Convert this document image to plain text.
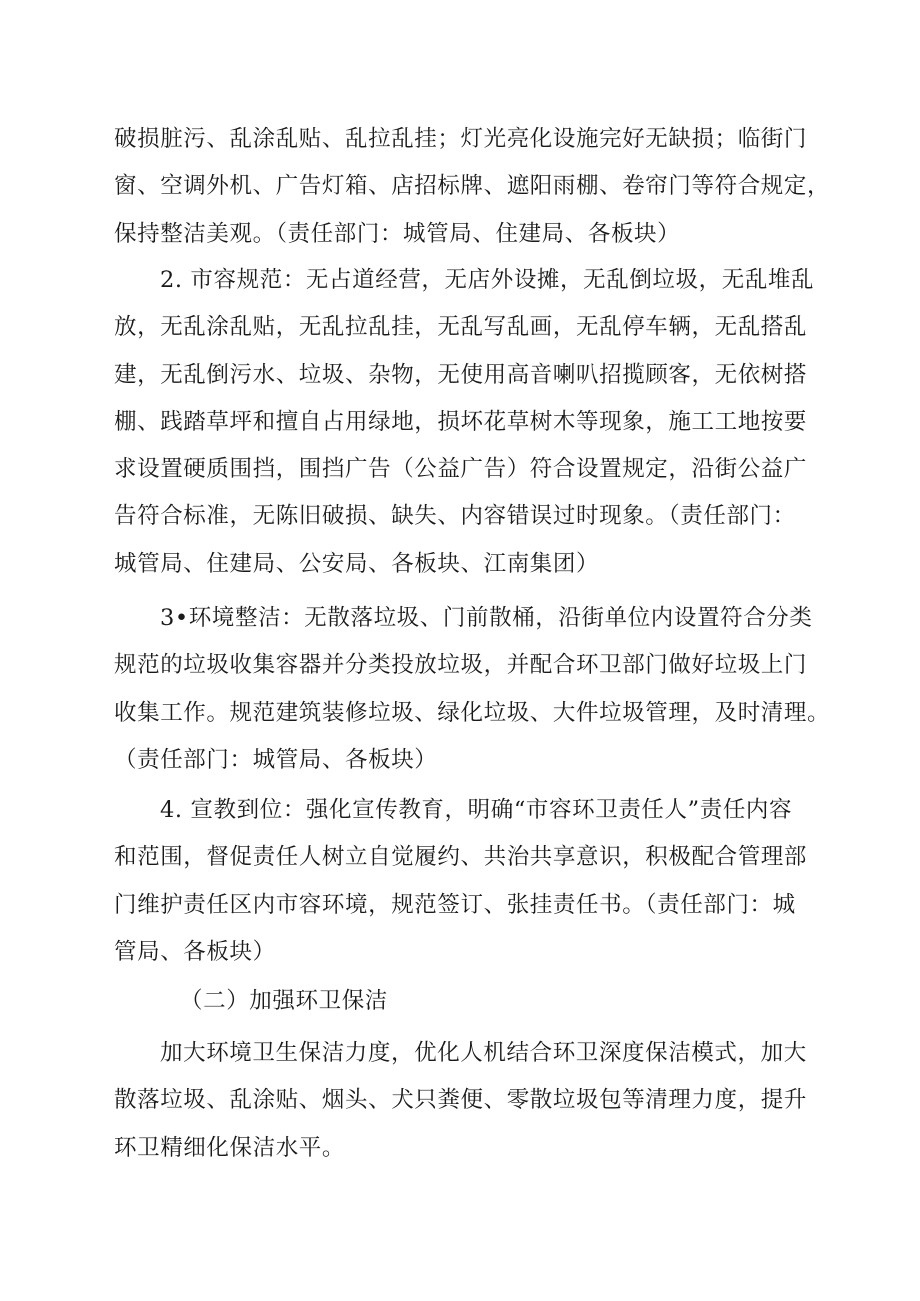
破损脏污、乱涂乱贴、乱拉乱挂；灯光亮化设施完好无缺损；临街门
窗、空调外机、广告灯箱、店招标牌、遮阳雨棚、卷帘门等符合规定，
保持整洁美观。（责任部门：城管局、住建局、各板块）

2. 市容规范：无占道经营，无店外设摊，无乱倒垃圾，无乱堆乱
放，无乱涂乱贴，无乱拉乱挂，无乱写乱画，无乱停车辆，无乱搭乱
建，无乱倒污水、垃圾、杂物，无使用高音喇叭招揽顾客，无依树搭
棚、践踏草坪和擅自占用绿地，损坏花草树木等现象，施工工地按要
求设置硬质围挡，围挡广告（公益广告）符合设置规定，沿街公益广
告符合标准，无陈旧破损、缺失、内容错误过时现象。（责任部门：
城管局、住建局、公安局、各板块、江南集团）

3•环境整洁：无散落垃圾、门前散桶，沿街单位内设置符合分类
规范的垃圾收集容器并分类投放垃圾，并配合环卫部门做好垃圾上门
收集工作。规范建筑装修垃圾、绿化垃圾、大件垃圾管理，及时清理。
（责任部门：城管局、各板块）

4. 宣教到位：强化宣传教育，明确“市容环卫责任人”责任内容
和范围，督促责任人树立自觉履约、共治共享意识，积极配合管理部
门维护责任区内市容环境，规范签订、张挂责任书。（责任部门：城
管局、各板块）

（二）加强环卫保洁

加大环境卫生保洁力度，优化人机结合环卫深度保洁模式，加大
散落垃圾、乱涂贴、烟头、犬只粪便、零散垃圾包等清理力度，提升
环卫精细化保洁水平。
